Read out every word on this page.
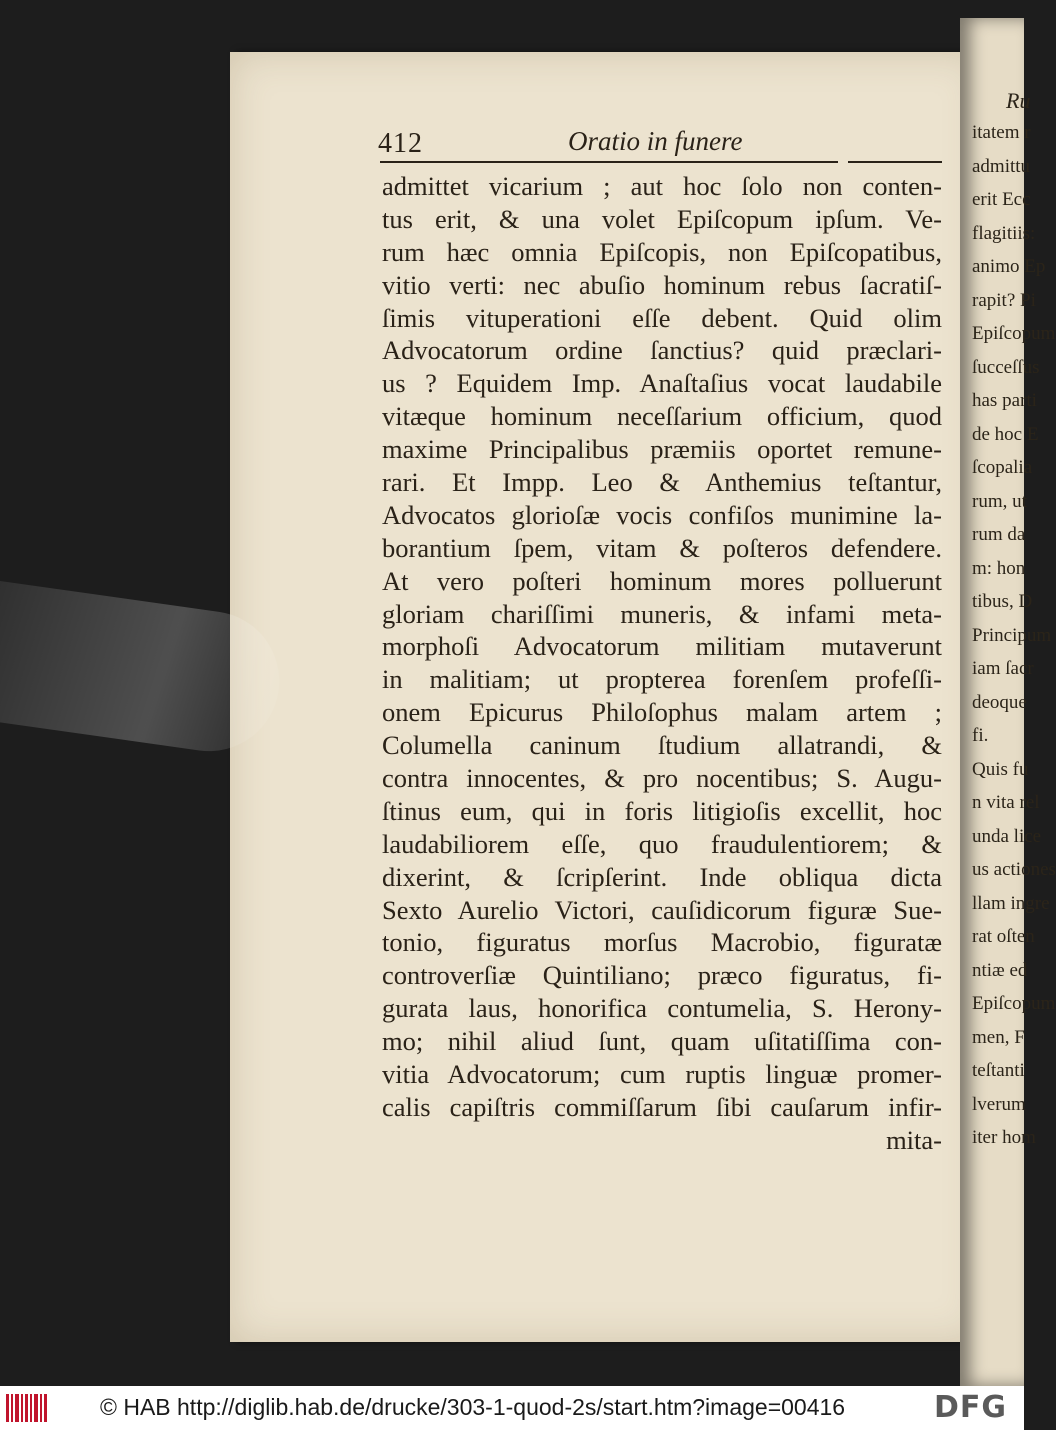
Ru
itatem r
admittu
erit Ecc
flagitiis:
animo Ep
rapit? Pi
Epiſcopum
ſucceſſus
has parti
de hoc E
ſcopalia
rum, ut
rum da
m: hon
tibus, D
Principum
iam ſacr
deoque
fi.
Quis fu
n vita rel
unda lice
us actiones
llam ingre
rat oſten
ntiæ ed
Epiſcopum
men, F
teſtanti
lverum
iter hom
412	Oratio in funere
admittet vicarium ; aut hoc ſolo non conten-
tus erit, & una volet Epiſcopum ipſum. Ve-
rum hæc omnia Epiſcopis, non Epiſcopatibus,
vitio verti: nec abuſio hominum rebus ſacratiſ-
ſimis vituperationi eſſe debent. Quid olim
Advocatorum ordine ſanctius? quid præclari-
us ? Equidem Imp. Anaſtaſius vocat laudabile
vitæque hominum neceſſarium officium, quod
maxime Principalibus præmiis oportet remune-
rari. Et Impp. Leo & Anthemius teſtantur,
Advocatos glorioſæ vocis confiſos munimine la-
borantium ſpem, vitam & poſteros defendere.
At vero poſteri hominum mores polluerunt
gloriam chariſſimi muneris, & infami meta-
morphoſi Advocatorum militiam mutaverunt
in malitiam; ut propterea forenſem profeſſi-
onem Epicurus Philoſophus malam artem ;
Columella caninum ſtudium allatrandi, &
contra innocentes, & pro nocentibus; S. Augu-
ſtinus eum, qui in foris litigioſis excellit, hoc
laudabiliorem eſſe, quo fraudulentiorem; &
dixerint, & ſcripſerint. Inde obliqua dicta
Sexto Aurelio Victori, cauſidicorum figuræ Sue-
tonio, figuratus morſus Macrobio, figuratæ
controverſiæ Quintiliano; præco figuratus, fi-
gurata laus, honorifica contumelia, S. Herony-
mo; nihil aliud ſunt, quam uſitatiſſima con-
vitia Advocatorum; cum ruptis linguæ promer-
calis capiſtris commiſſarum ſibi cauſarum infir-
mita-
© HAB http://diglib.hab.de/drucke/303-1-quod-2s/start.htm?image=00416	DFG
